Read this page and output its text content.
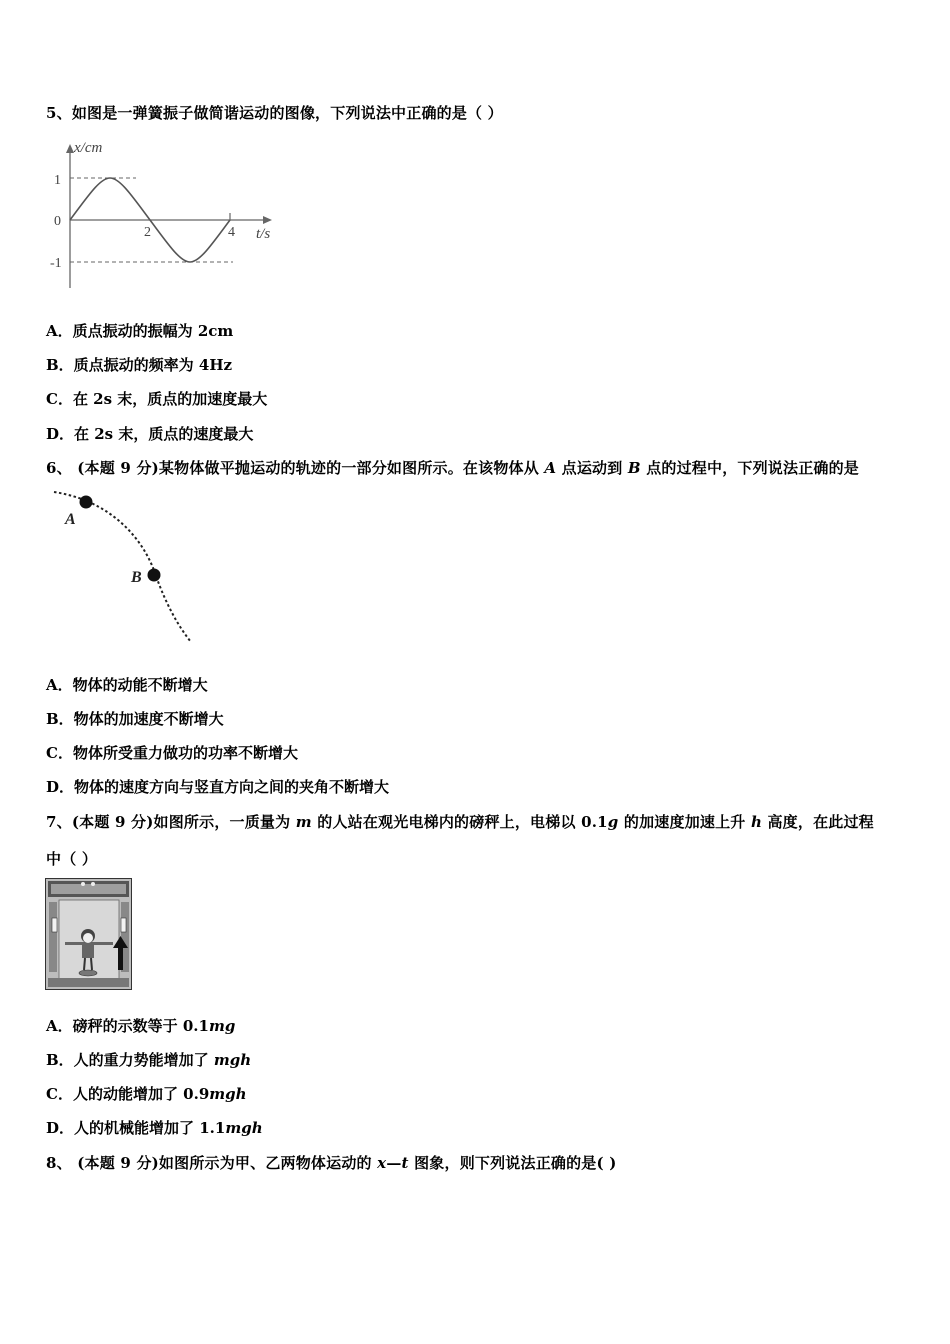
5、如图是一弹簧振子做简谐运动的图像，下列说法中正确的是（ ）
x/cm
t/s
1
0
-1
2	4
A．质点振动的振幅为 2cm
B．质点振动的频率为 4Hz
C．在 2s 末，质点的加速度最大
D．在 2s 末，质点的速度最大
6、 (本题 9 分)某物体做平抛运动的轨迹的一部分如图所示。在该物体从 A 点运动到 B 点的过程中，下列说法正确的是
A
B
A．物体的动能不断增大
B．物体的加速度不断增大
C．物体所受重力做功的功率不断增大
D．物体的速度方向与竖直方向之间的夹角不断增大
7、(本题 9 分)如图所示，一质量为 m 的人站在观光电梯内的磅秤上，电梯以 0.1g 的加速度加速上升 h 高度，在此过程
中（ ）
A．磅秤的示数等于 0.1mg
B．人的重力势能增加了 mgh
C．人的动能增加了 0.9mgh
D．人的机械能增加了 1.1mgh
8、 (本题 9 分)如图所示为甲、乙两物体运动的 x—t 图象，则下列说法正确的是( )
